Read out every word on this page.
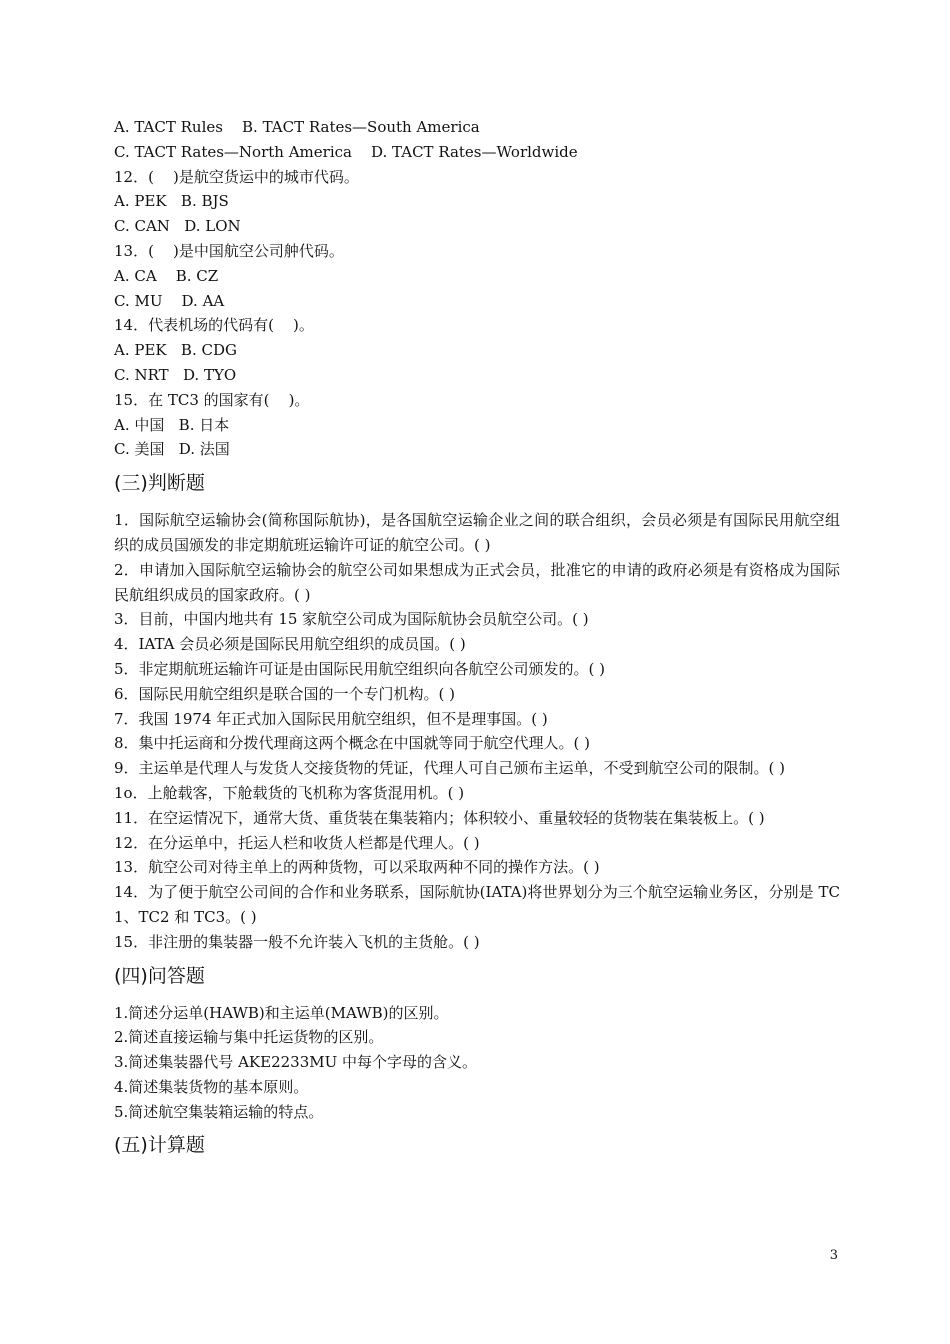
A. TACT Rules    B. TACT Rates—South America
C. TACT Rates—North America    D. TACT Rates—Worldwide
12．(    )是航空货运中的城市代码。
A. PEK   B. BJS
C. CAN   D. LON
13．(    )是中国航空公司舯代码。
A. CA    B. CZ
C. MU    D. AA
14．代表机场的代码有(    )。
A. PEK   B. CDG
C. NRT   D. TYO
15．在 TC3 的国家有(    )。
A. 中国   B. 日本
C. 美国   D. 法国
(三)判断题
1．国际航空运输协会(简称国际航协)，是各国航空运输企业之间的联合组织，会员必须是有国际民用航空组织的成员国颁发的非定期航班运输许可证的航空公司。( )
2．申请加入国际航空运输协会的航空公司如果想成为正式会员，批准它的申请的政府必须是有资格成为国际民航组织成员的国家政府。( )
3．目前，中国内地共有 15 家航空公司成为国际航协会员航空公司。( )
4．IATA 会员必须是国际民用航空组织的成员国。( )
5．非定期航班运输许可证是由国际民用航空组织向各航空公司颁发的。( )
6．国际民用航空组织是联合国的一个专门机构。( )
7．我国 1974 年正式加入国际民用航空组织，但不是理事国。( )
8．集中托运商和分拨代理商这两个概念在中国就等同于航空代理人。( )
9．主运单是代理人与发货人交接货物的凭证，代理人可自己颁布主运单，不受到航空公司的限制。( )
1o．上舱载客，下舱载货的飞机称为客货混用机。( )
11．在空运情况下，通常大货、重货装在集装箱内；体积较小、重量较轻的货物装在集装板上。( )
12．在分运单中，托运人栏和收货人栏都是代理人。( )
13．航空公司对待主单上的两种货物，可以采取两种不同的操作方法。( )
14．为了便于航空公司间的合作和业务联系，国际航协(IATA)将世界划分为三个航空运输业务区，分别是 TC1、TC2 和 TC3。( )
15．非注册的集装器一般不允许装入飞机的主货舱。( )
(四)问答题
1.简述分运单(HAWB)和主运单(MAWB)的区别。
2.简述直接运输与集中托运货物的区别。
3.简述集装器代号 AKE2233MU 中每个字母的含义。
4.简述集装货物的基本原则。
5.简述航空集装箱运输的特点。
(五)计算题
3
